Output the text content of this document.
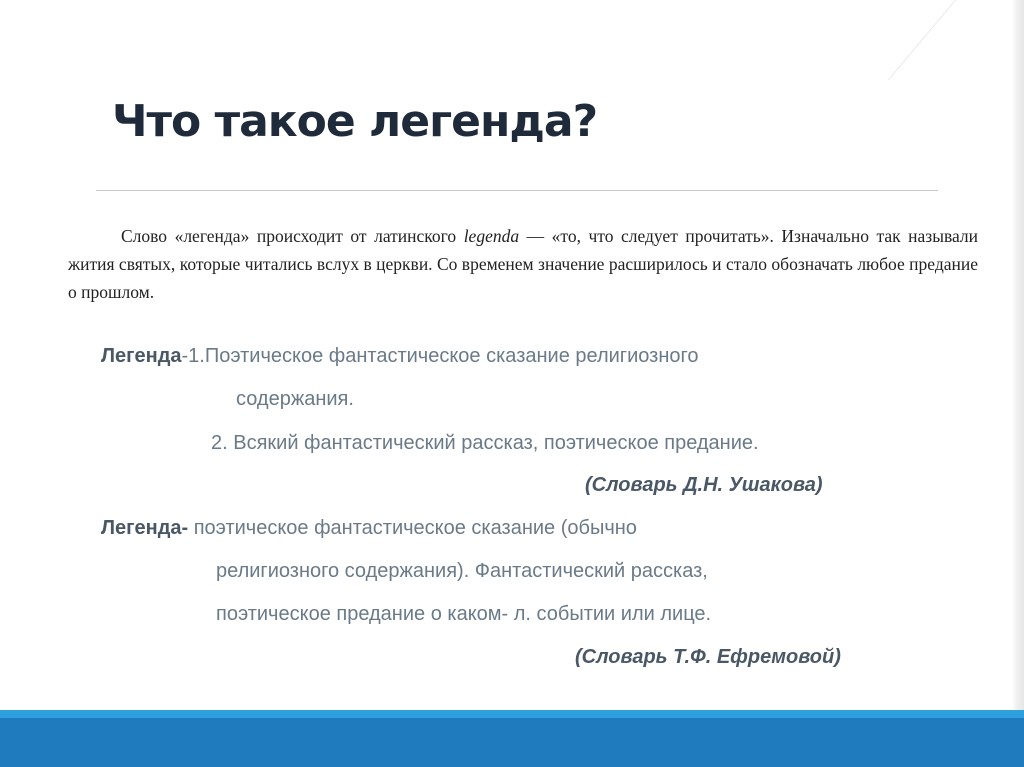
Что такое легенда?

Слово «легенда» происходит от латинского legenda — «то, что следует прочитать». Изначально так называли жития святых, которые читались вслух в церкви. Со временем значение расширилось и стало обозначать любое предание о прошлом.

Легенда-1.Поэтическое фантастическое сказание религиозного
содержания.
2. Всякий фантастический рассказ, поэтическое предание.
(Словарь Д.Н. Ушакова)
Легенда- поэтическое фантастическое сказание (обычно
религиозного содержания). Фантастический рассказ,
поэтическое предание о каком- л. событии или лице.
(Словарь Т.Ф. Ефремовой)
